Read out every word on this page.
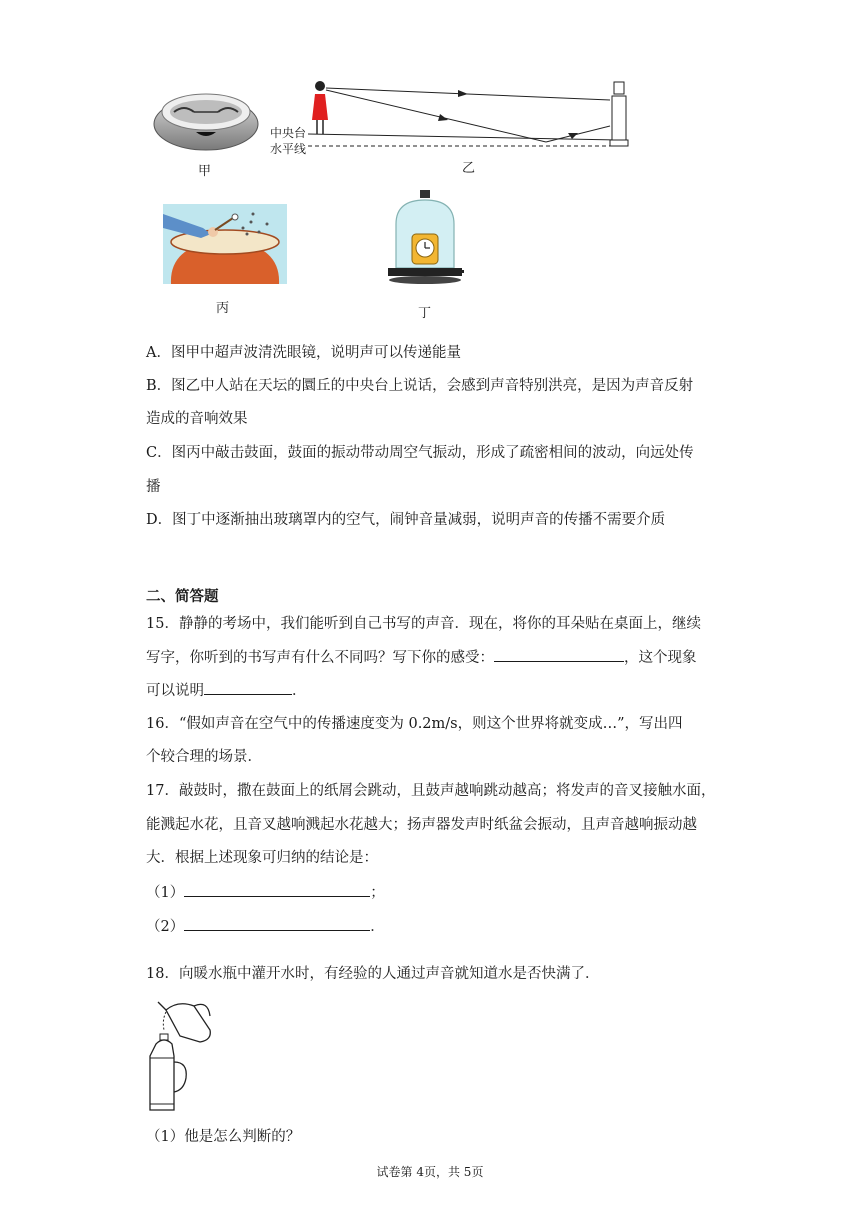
甲
中央台
水平线
乙
丙	丁
A．图甲中超声波清洗眼镜，说明声可以传递能量
B．图乙中人站在天坛的圜丘的中央台上说话，会感到声音特别洪亮，是因为声音反射
造成的音响效果
C．图丙中敲击鼓面，鼓面的振动带动周空气振动，形成了疏密相间的波动，向远处传
播
D．图丁中逐渐抽出玻璃罩内的空气，闹钟音量减弱，说明声音的传播不需要介质
二、简答题
15．静静的考场中，我们能听到自己书写的声音．现在，将你的耳朵贴在桌面上，继续
写字，你听到的书写声有什么不同吗？写下你的感受：	，这个现象
可以说明	．
16．“假如声音在空气中的传播速度变为 0.2m/s，则这个世界将就变成…”，写出四
个较合理的场景．
17．敲鼓时，撒在鼓面上的纸屑会跳动，且鼓声越响跳动越高；将发声的音叉接触水面，
能溅起水花，且音叉越响溅起水花越大；扬声器发声时纸盆会振动，且声音越响振动越
大．根据上述现象可归纳的结论是：
（1）	；
（2）	．
18．向暖水瓶中灌开水时，有经验的人通过声音就知道水是否快满了．
（1）他是怎么判断的？
试卷第 4页，共 5页
